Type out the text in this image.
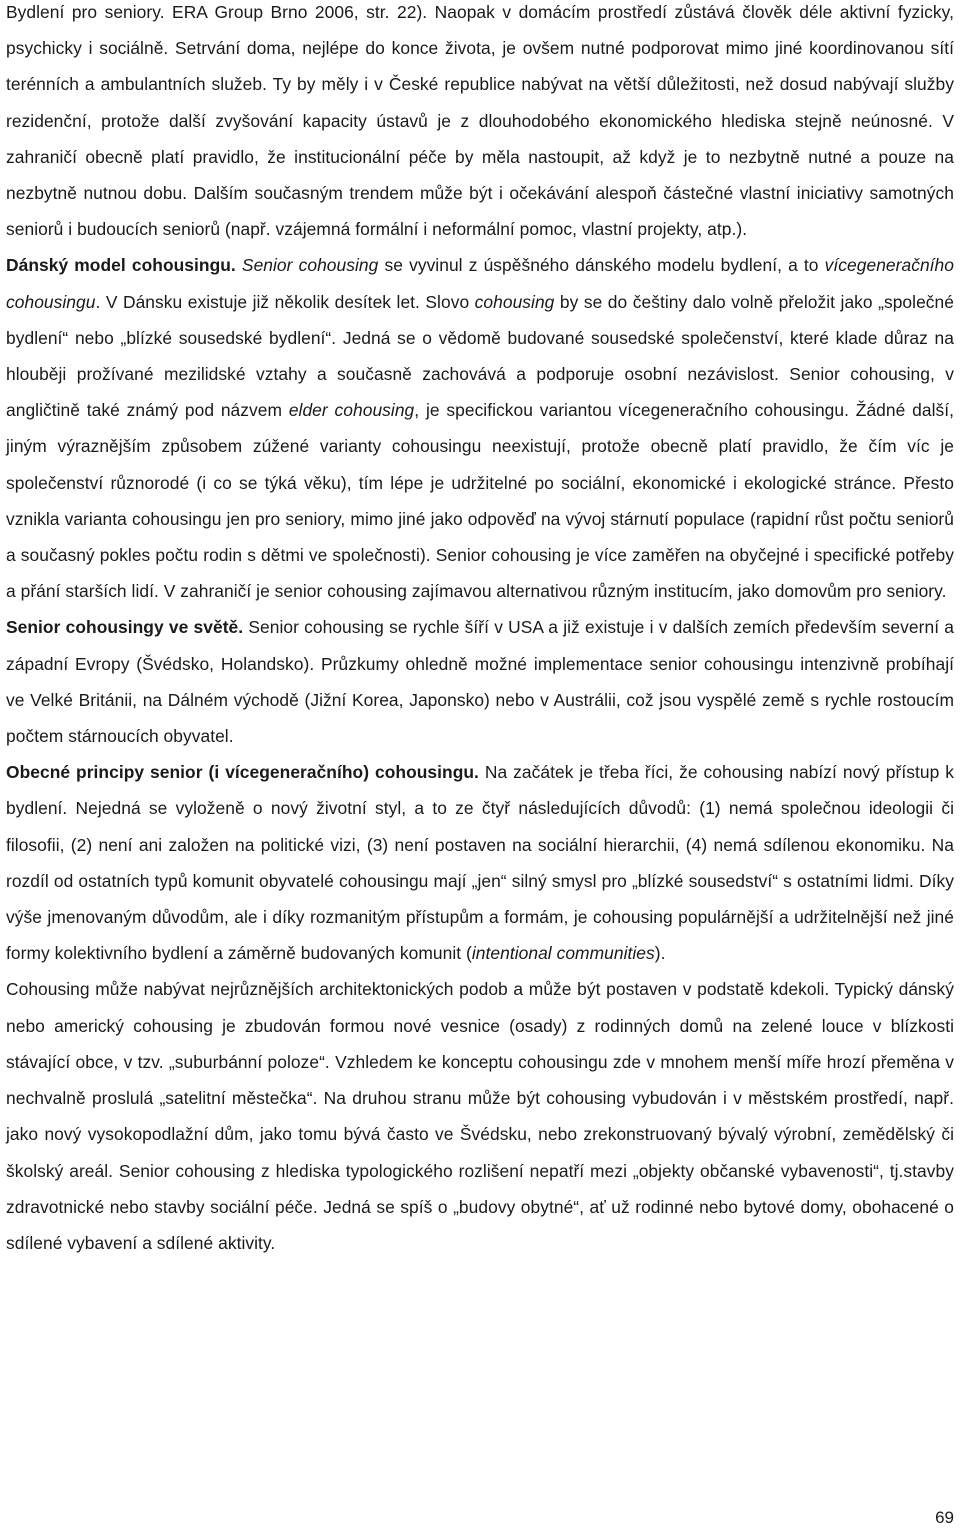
Bydlení pro seniory. ERA Group Brno 2006, str. 22). Naopak v domácím prostředí zůstává člověk déle aktivní fyzicky, psychicky i sociálně. Setrvání doma, nejlépe do konce života, je ovšem nutné podporovat mimo jiné koordinovanou sítí terénních a ambulantních služeb. Ty by měly i v České republice nabývat na větší důležitosti, než dosud nabývají služby rezidenční, protože další zvyšování kapacity ústavů je z dlouhodobého ekonomického hlediska stejně neúnosné. V zahraničí obecně platí pravidlo, že institucionální péče by měla nastoupit, až když je to nezbytně nutné a pouze na nezbytně nutnou dobu. Dalším současným trendem může být i očekávání alespoň částečné vlastní iniciativy samotných seniorů i budoucích seniorů (např. vzájemná formální i neformální pomoc, vlastní projekty, atp.).

Dánský model cohousingu. Senior cohousing se vyvinul z úspěšného dánského modelu bydlení, a to vícegeneračního cohousingu. V Dánsku existuje již několik desítek let. Slovo cohousing by se do češtiny dalo volně přeložit jako „společné bydlení“ nebo „blízké sousedské bydlení“. Jedná se o vědomě budované sousedské společenství, které klade důraz na hlouběji prožívané mezilidské vztahy a současně zachovává a podporuje osobní nezávislost. Senior cohousing, v angličtině také známý pod názvem elder cohousing, je specifickou variantou vícegeneračního cohousingu. Žádné další, jiným výraznějším způsobem zúžené varianty cohousingu neexistují, protože obecně platí pravidlo, že čím víc je společenství různorodé (i co se týká věku), tím lépe je udržitelné po sociální, ekonomické i ekologické stránce. Přesto vznikla varianta cohousingu jen pro seniory, mimo jiné jako odpověď na vývoj stárnutí populace (rapidní růst počtu seniorů a současný pokles počtu rodin s dětmi ve společnosti). Senior cohousing je více zaměřen na obyčejné i specifické potřeby a přání starších lidí. V zahraničí je senior cohousing zajímavou alternativou různým institucím, jako domovům pro seniory.

Senior cohousingy ve světě. Senior cohousing se rychle šíří v USA a již existuje i v dalších zemích především severní a západní Evropy (Švédsko, Holandsko). Průzkumy ohledně možné implementace senior cohousingu intenzivně probíhají ve Velké Británii, na Dálném východě (Jižní Korea, Japonsko) nebo v Austrálii, což jsou vyspělé země s rychle rostoucím počtem stárnoucích obyvatel.

Obecné principy senior (i vícegeneračního) cohousingu. Na začátek je třeba říci, že cohousing nabízí nový přístup k bydlení. Nejedná se vyloženě o nový životní styl, a to ze čtyř následujících důvodů: (1) nemá společnou ideologii či filosofii, (2) není ani založen na politické vizi, (3) není postaven na sociální hierarchii, (4) nemá sdílenou ekonomiku. Na rozdíl od ostatních typů komunit obyvatelé cohousingu mají „jen“ silný smysl pro „blízké sousedství“ s ostatními lidmi. Díky výše jmenovaným důvodům, ale i díky rozmanitým přístupům a formám, je cohousing populárnější a udržitelnější než jiné formy kolektivního bydlení a záměrně budovaných komunit (intentional communities).

Cohousing může nabývat nejrůznějších architektonických podob a může být postaven v podstatě kdekoli. Typický dánský nebo americký cohousing je zbudován formou nové vesnice (osady) z rodinných domů na zelené louce v blízkosti stávající obce, v tzv. „suburbánní poloze“. Vzhledem ke konceptu cohousingu zde v mnohem menší míře hrozí přeměna v nechvalně proslulá „satelitní městečka“. Na druhou stranu může být cohousing vybudován i v městském prostředí, např. jako nový vysokopodlažní dům, jako tomu bývá často ve Švédsku, nebo zrekonstruovaný bývalý výrobní, zemědělský či školský areál. Senior cohousing z hlediska typologického rozlišení nepatří mezi „objekty občanské vybavenosti“, tj.stavby zdravotnické nebo stavby sociální péče. Jedná se spíš o „budovy obytné“, ať už rodinné nebo bytové domy, obohacené o sdílené vybavení a sdílené aktivity.

69
